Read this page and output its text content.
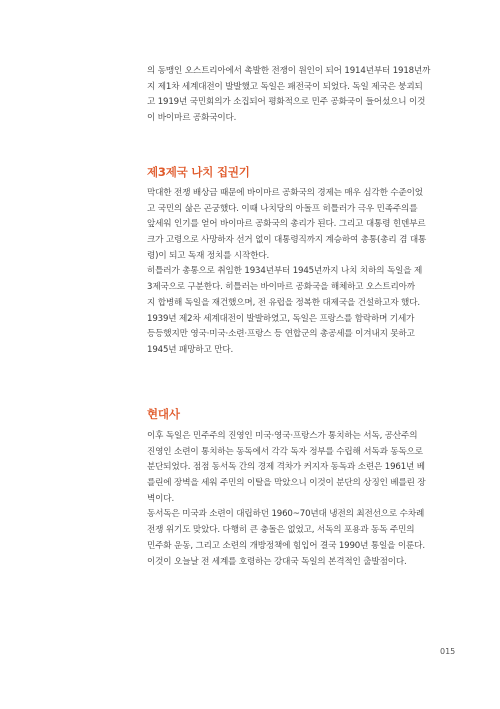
의 동맹인 오스트리아에서 촉발한 전쟁이 원인이 되어 1914년부터 1918년까
지 제1차 세계대전이 발발했고 독일은 패전국이 되었다. 독일 제국은 붕괴되
고 1919년 국민회의가 소집되어 평화적으로 민주 공화국이 들어섰으니 이것
이 바이마르 공화국이다.
제3제국 나치 집권기
막대한 전쟁 배상금 때문에 바이마르 공화국의 경제는 매우 심각한 수준이었
고 국민의 삶은 곤궁했다. 이때 나치당의 아돌프 히틀러가 극우 민족주의를
앞세워 인기를 얻어 바이마르 공화국의 총리가 된다. 그리고 대통령 힌덴부르
크가 고령으로 사망하자 선거 없이 대통령직까지 계승하여 총통(총리 겸 대통
령)이 되고 독재 정치를 시작한다.
히틀러가 총통으로 취임한 1934년부터 1945년까지 나치 치하의 독일을 제
3제국으로 구분한다. 히틀러는 바이마르 공화국을 해체하고 오스트리아까
지 합병해 독일을 재건했으며, 전 유럽을 정복한 대제국을 건설하고자 했다.
1939년 제2차 세계대전이 발발하였고, 독일은 프랑스를 함락하며 기세가
등등했지만 영국·미국·소련·프랑스 등 연합군의 총공세를 이겨내지 못하고
1945년 패망하고 만다.
현대사
이후 독일은 민주주의 진영인 미국·영국·프랑스가 통치하는 서독, 공산주의
진영인 소련이 통치하는 동독에서 각각 독자 정부를 수립해 서독과 동독으로
분단되었다. 점점 동서독 간의 경제 격차가 커지자 동독과 소련은 1961년 베
를린에 장벽을 세워 주민의 이탈을 막았으니 이것이 분단의 상징인 베를린 장
벽이다.
동서독은 미국과 소련이 대립하던 1960~70년대 냉전의 최전선으로 수차례
전쟁 위기도 맞았다. 다행히 큰 충돌은 없었고, 서독의 포용과 동독 주민의
민주화 운동, 그리고 소련의 개방정책에 힘입어 결국 1990년 통일을 이룬다.
이것이 오늘날 전 세계를 호령하는 강대국 독일의 본격적인 출발점이다.
015
